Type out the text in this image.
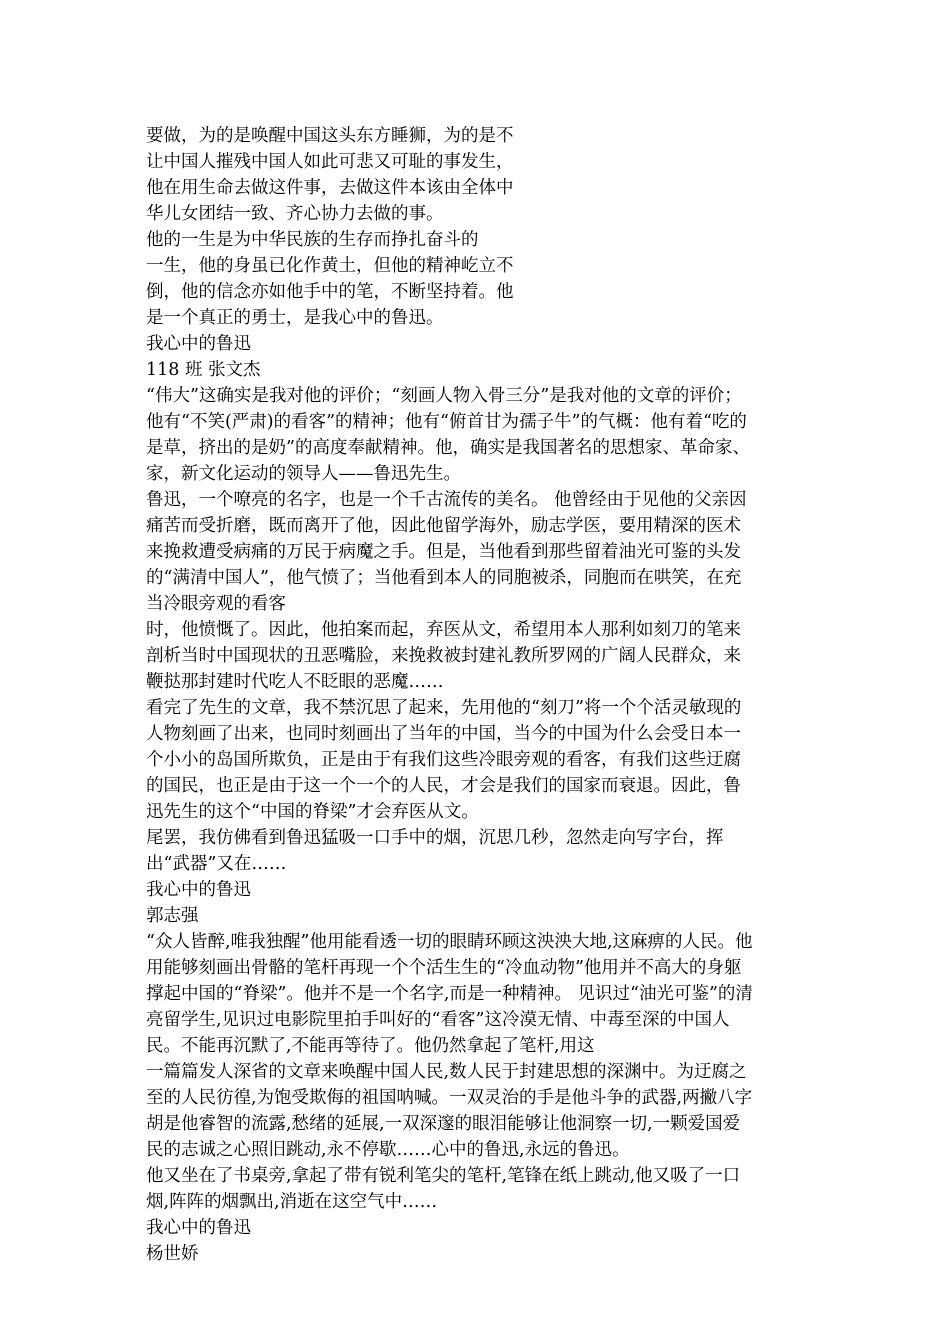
要做，为的是唤醒中国这头东方睡狮，为的是不
让中国人摧残中国人如此可悲又可耻的事发生，
他在用生命去做这件事，去做这件本该由全体中
华儿女团结一致、齐心协力去做的事。
他的一生是为中华民族的生存而挣扎奋斗的
一生，他的身虽已化作黄土，但他的精神屹立不
倒，他的信念亦如他手中的笔，不断坚持着。他
是一个真正的勇士，是我心中的鲁迅。
我心中的鲁迅
118 班 张文杰
“伟大”这确实是我对他的评价；“刻画人物入骨三分”是我对他的文章的评价；
他有“不笑(严肃)的看客”的精神；他有“俯首甘为孺子牛”的气概：他有着“吃的
是草，挤出的是奶”的高度奉献精神。他，确实是我国著名的思想家、革命家、
家，新文化运动的领导人——鲁迅先生。
鲁迅，一个嘹亮的名字，也是一个千古流传的美名。 他曾经由于见他的父亲因
痛苦而受折磨，既而离开了他，因此他留学海外，励志学医，要用精深的医术
来挽救遭受病痛的万民于病魔之手。但是，当他看到那些留着油光可鉴的头发
的“满清中国人”，他气愤了；当他看到本人的同胞被杀，同胞而在哄笑，在充
当冷眼旁观的看客
时，他愤慨了。因此，他拍案而起，弃医从文，希望用本人那利如刻刀的笔来
剖析当时中国现状的丑恶嘴脸，来挽救被封建礼教所罗网的广阔人民群众，来
鞭挞那封建时代吃人不眨眼的恶魔……
看完了先生的文章，我不禁沉思了起来，先用他的“刻刀”将一个个活灵敏现的
人物刻画了出来，也同时刻画出了当年的中国，当今的中国为什么会受日本一
个小小的岛国所欺负，正是由于有我们这些冷眼旁观的看客，有我们这些迂腐
的国民，也正是由于这一个一个的人民，才会是我们的国家而衰退。因此，鲁
迅先生的这个“中国的脊梁”才会弃医从文。
尾罢，我仿佛看到鲁迅猛吸一口手中的烟，沉思几秒，忽然走向写字台，挥
出“武器”又在……
我心中的鲁迅
郭志强
“众人皆醉,唯我独醒”他用能看透一切的眼睛环顾这泱泱大地,这麻痹的人民。他
用能够刻画出骨骼的笔杆再现一个个活生生的“冷血动物”他用并不高大的身躯
撑起中国的“脊梁”。他并不是一个名字,而是一种精神。 见识过“油光可鉴”的清
亮留学生,见识过电影院里拍手叫好的“看客”这冷漠无情、中毒至深的中国人
民。不能再沉默了,不能再等待了。他仍然拿起了笔杆,用这
一篇篇发人深省的文章来唤醒中国人民,数人民于封建思想的深渊中。为迂腐之
至的人民彷徨,为饱受欺侮的祖国呐喊。一双灵治的手是他斗争的武器,两撇八字
胡是他睿智的流露,愁绪的延展,一双深邃的眼泪能够让他洞察一切,一颗爱国爱
民的志诚之心照旧跳动,永不停歇……心中的鲁迅,永远的鲁迅。
他又坐在了书桌旁,拿起了带有锐利笔尖的笔杆,笔锋在纸上跳动,他又吸了一口
烟,阵阵的烟飘出,消逝在这空气中……
我心中的鲁迅
杨世娇
